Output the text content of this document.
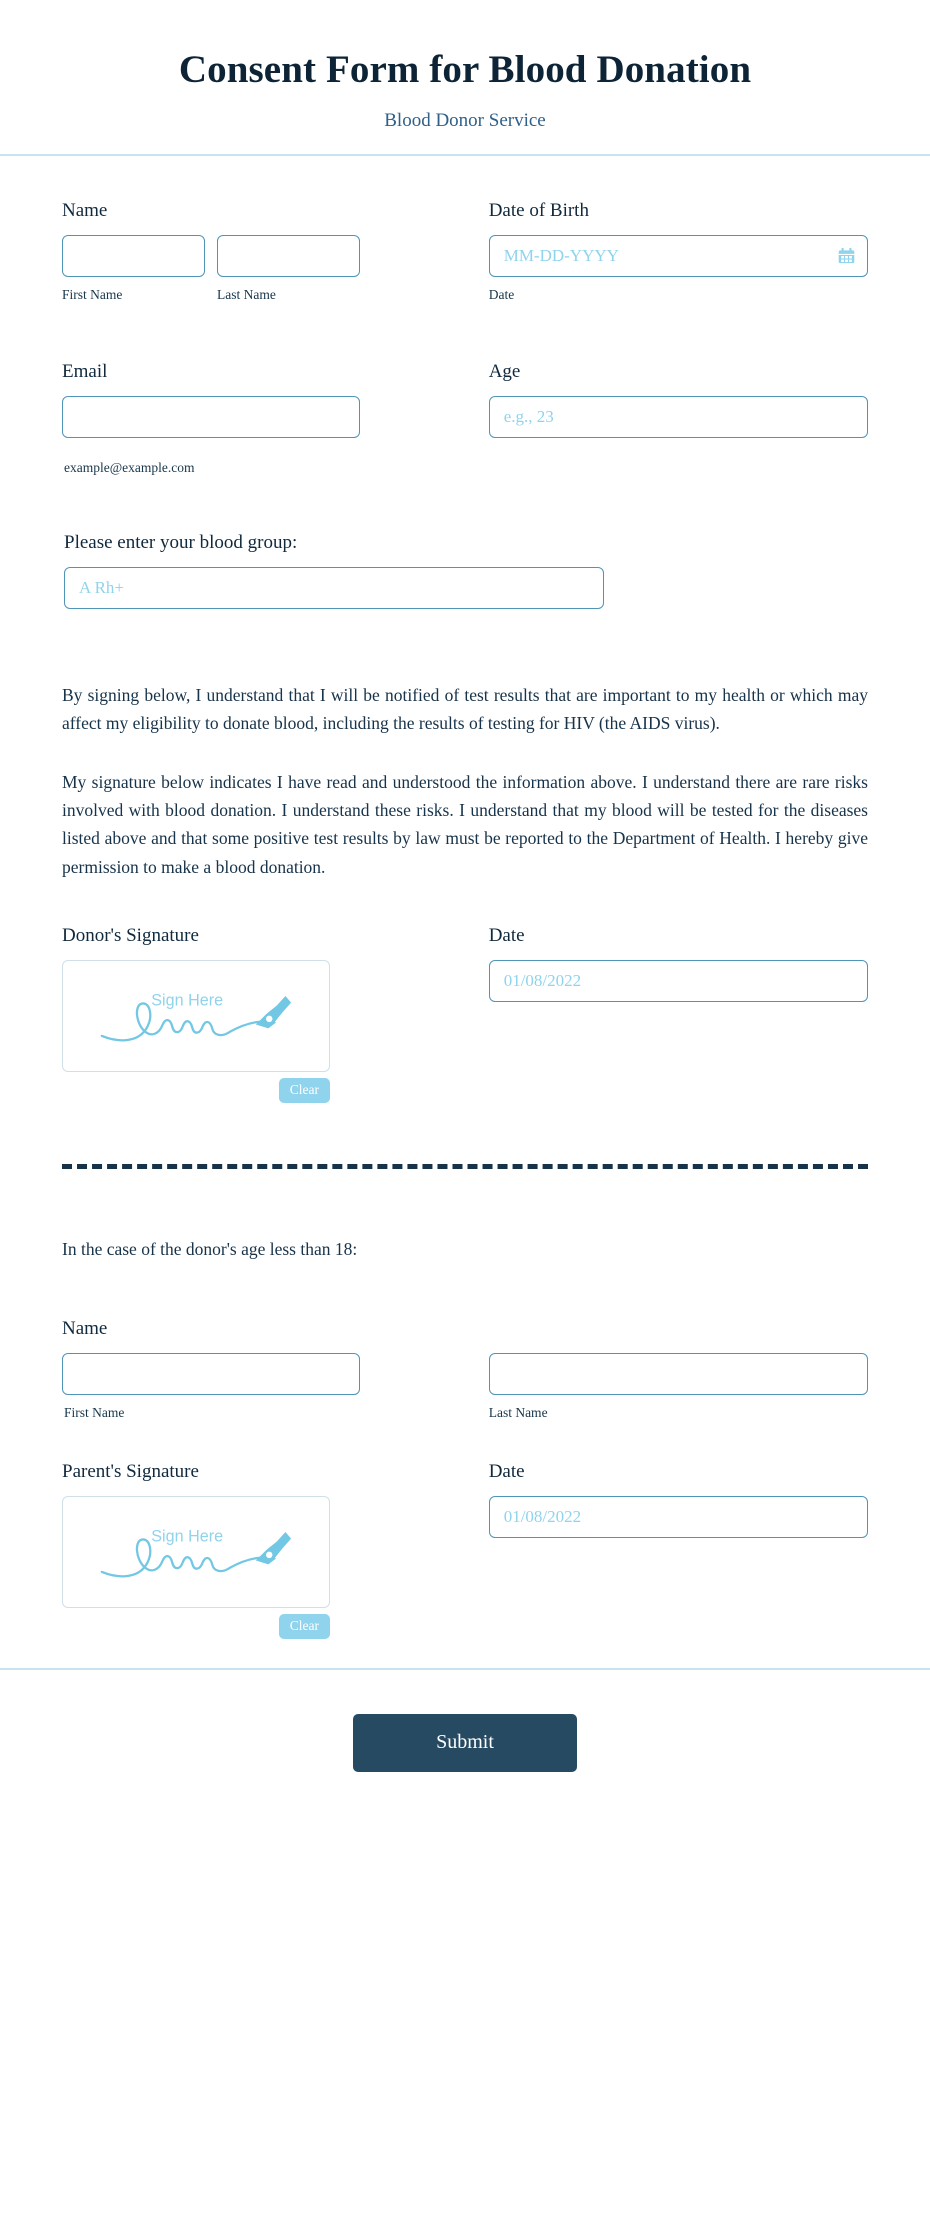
Consent Form for Blood Donation
Blood Donor Service
Name
First Name	Last Name
Date of Birth
MM-DD-YYYY
Date
Email
example@example.com
Age
e.g., 23
Please enter your blood group:
A Rh+

By signing below, I understand that I will be notified of test results that are important to my health or which may affect my eligibility to donate blood, including the results of testing for HIV (the AIDS virus).

My signature below indicates I have read and understood the information above. I understand there are rare risks involved with blood donation. I understand these risks. I understand that my blood will be tested for the diseases listed above and that some positive test results by law must be reported to the Department of Health. I hereby give permission to make a blood donation.

Donor's Signature
Sign Here
Clear
Date
01/08/2022
In the case of the donor's age less than 18:
Name
First Name
	Last Name
Parent's Signature
Sign Here
Clear
Date
01/08/2022
Submit
